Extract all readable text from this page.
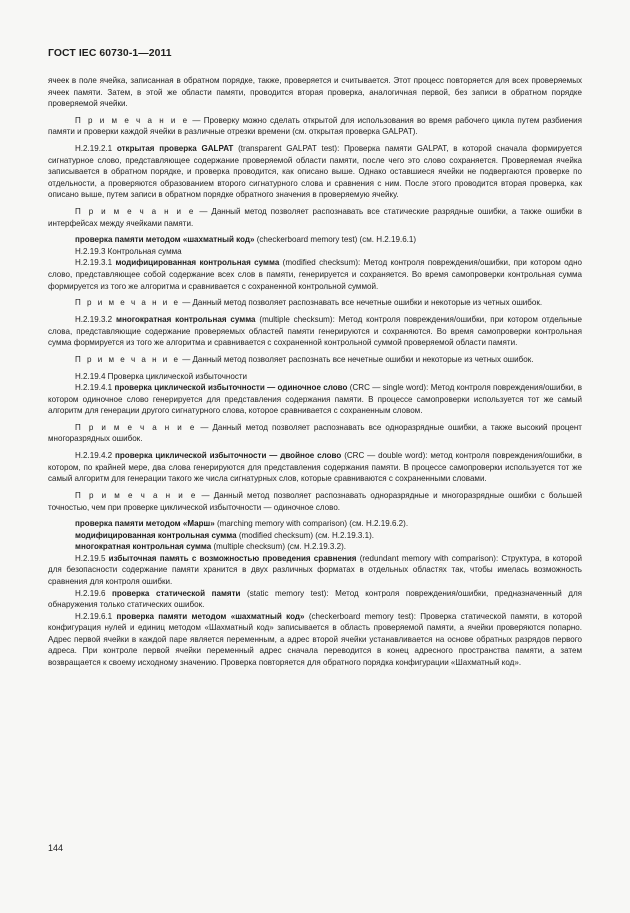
ГОСТ IEC 60730-1—2011

ячеек в поле ячейка, записанная в обратном порядке, также, проверяется и считывается. Этот процесс повторяется для всех проверяемых ячеек памяти. Затем, в этой же области памяти, проводится вторая проверка, аналогичная первой, без записи в обратном порядке проверяемой ячейки.

П р и м е ч а н и е — Проверку можно сделать открытой для использования во время рабочего цикла путем разбиения памяти и проверки каждой ячейки в различные отрезки времени (см. открытая проверка GALPAT).

H.2.19.2.1 открытая проверка GALPAT (transparent GALPAT test): Проверка памяти GALPAT, в которой сначала формируется сигнатурное слово, представляющее содержание проверяемой области памяти, после чего это слово сохраняется. Проверяемая ячейка записывается в обратном порядке, и проверка проводится, как описано выше. Однако оставшиеся ячейки не подвергаются проверке по отдельности, а проверяются образованием второго сигнатурного слова и сравнения с ним. После этого проводится вторая проверка, как описано выше, путем записи в обратном порядке обратного значения в проверяемую ячейку.

П р и м е ч а н и е — Данный метод позволяет распознавать все статические разрядные ошибки, а также ошибки в интерфейсах между ячейками памяти.

проверка памяти методом «шахматный код» (checkerboard memory test) (см. H.2.19.6.1)

H.2.19.3 Контрольная сумма

H.2.19.3.1 модифицированная контрольная сумма (modified checksum): Метод контроля повреждения/ошибки, при котором одно слово, представляющее собой содержание всех слов в памяти, генерируется и сохраняется. Во время самопроверки контрольная сумма формируется из того же алгоритма и сравнивается с сохраненной контрольной суммой.

П р и м е ч а н и е — Данный метод позволяет распознавать все нечетные ошибки и некоторые из четных ошибок.

H.2.19.3.2 многократная контрольная сумма (multiple checksum): Метод контроля повреждения/ошибки, при котором отдельные слова, представляющие содержание проверяемых областей памяти генерируются и сохраняются. Во время самопроверки контрольная сумма формируется из того же алгоритма и сравнивается с сохраненной контрольной суммой проверяемой области памяти.

П р и м е ч а н и е — Данный метод позволяет распознать все нечетные ошибки и некоторые из четных ошибок.

H.2.19.4 Проверка циклической избыточности

H.2.19.4.1 проверка циклической избыточности — одиночное слово (CRC — single word): Метод контроля повреждения/ошибки, в котором одиночное слово генерируется для представления содержания памяти. В процессе самопроверки используется тот же самый алгоритм для генерации другого сигнатурного слова, которое сравнивается с сохраненным словом.

П р и м е ч а н и е — Данный метод позволяет распознавать все одноразрядные ошибки, а также высокий процент многоразрядных ошибок.

H.2.19.4.2 проверка циклической избыточности — двойное слово (CRC — double word): метод контроля повреждения/ошибки, в котором, по крайней мере, два слова генерируются для представления содержания памяти. В процессе самопроверки используется тот же самый алгоритм для генерации такого же числа сигнатурных слов, которые сравниваются с сохраненными словами.

П р и м е ч а н и е — Данный метод позволяет распознавать одноразрядные и многоразрядные ошибки с большей точностью, чем при проверке циклической избыточности — одиночное слово.

проверка памяти методом «Марш» (marching memory with comparison) (см. H.2.19.6.2).

модифицированная контрольная сумма (modified checksum) (см. H.2.19.3.1).

многократная контрольная сумма (multiple checksum) (см. H.2.19.3.2).

H.2.19.5 избыточная память с возможностью проведения сравнения (redundant memory with comparison): Структура, в которой для безопасности содержание памяти хранится в двух различных форматах в отдельных областях так, чтобы имелась возможность сравнения для контроля ошибки.

H.2.19.6 проверка статической памяти (static memory test): Метод контроля повреждения/ошибки, предназначенный для обнаружения только статических ошибок.

H.2.19.6.1 проверка памяти методом «шахматный код» (checkerboard memory test): Проверка статической памяти, в которой конфигурация нулей и единиц методом «Шахматный код» записывается в область проверяемой памяти, а ячейки проверяются попарно. Адрес первой ячейки в каждой паре является переменным, а адрес второй ячейки устанавливается на основе обратных разрядов первого адреса. При контроле первой ячейки переменный адрес сначала переводится в конец адресного пространства памяти, а затем возвращается к своему исходному значению. Проверка повторяется для обратного порядка конфигурации «Шахматный код».

144
